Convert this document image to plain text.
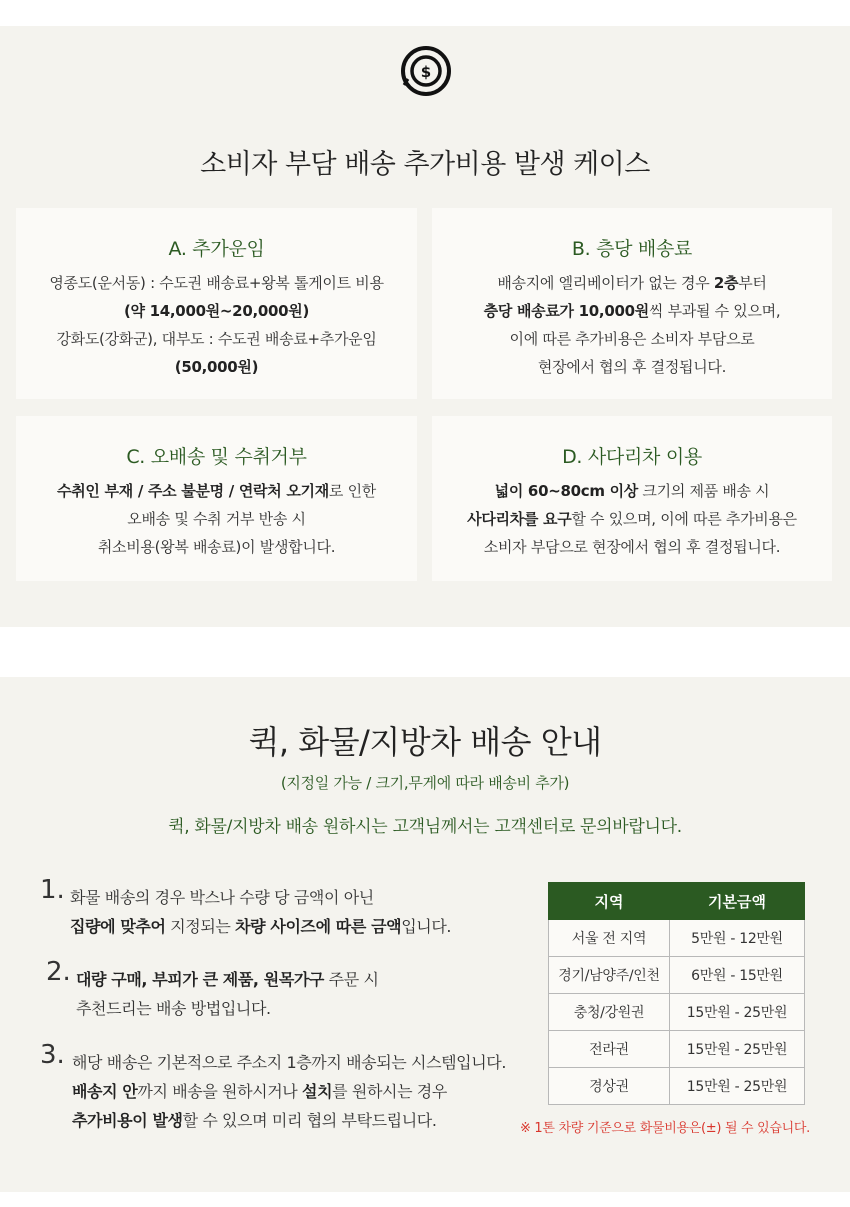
$
소비자 부담 배송 추가비용 발생 케이스
A. 추가운임
영종도(운서동) : 수도권 배송료+왕복 톨게이트 비용
(약 14,000원~20,000원)
강화도(강화군), 대부도 : 수도권 배송료+추가운임
(50,000원)
B. 층당 배송료
배송지에 엘리베이터가 없는 경우 2층부터
층당 배송료가 10,000원씩 부과될 수 있으며,
이에 따른 추가비용은 소비자 부담으로
현장에서 협의 후 결정됩니다.
C. 오배송 및 수취거부
수취인 부재 / 주소 불분명 / 연락처 오기재로 인한
오배송 및 수취 거부 반송 시
취소비용(왕복 배송료)이 발생합니다.
D. 사다리차 이용
넓이 60~80cm 이상 크기의 제품 배송 시
사다리차를 요구할 수 있으며, 이에 따른 추가비용은
소비자 부담으로 현장에서 협의 후 결정됩니다.
퀵, 화물/지방차 배송 안내
(지정일 가능 / 크기,무게에 따라 배송비 추가)
퀵, 화물/지방차 배송 원하시는 고객님께서는 고객센터로 문의바랍니다.
1. 화물 배송의 경우 박스나 수량 당 금액이 아닌
집량에 맞추어 지정되는 차량 사이즈에 따른 금액입니다.
2. 대량 구매, 부피가 큰 제품, 원목가구 주문 시
추천드리는 배송 방법입니다.
3. 해당 배송은 기본적으로 주소지 1층까지 배송되는 시스템입니다.
배송지 안까지 배송을 원하시거나 설치를 원하시는 경우
추가비용이 발생할 수 있으며 미리 협의 부탁드립니다.
지역	기본금액
서울 전 지역	5만원 - 12만원
경기/남양주/인천	6만원 - 15만원
충청/강원권	15만원 - 25만원
전라권	15만원 - 25만원
경상권	15만원 - 25만원
※ 1톤 차량 기준으로 화물비용은(±) 될 수 있습니다.
